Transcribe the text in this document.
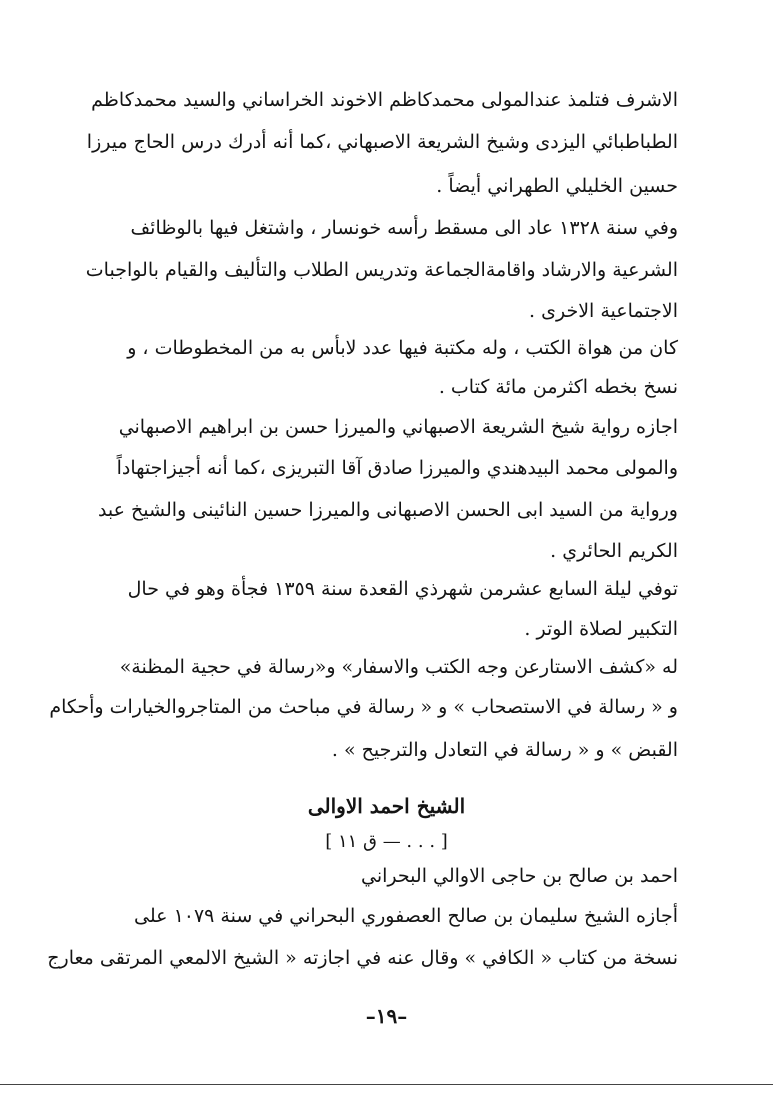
الاشرف فتلمذ عندالمولى محمدكاظم الاخوند الخراساني والسيد محمدكاظم
الطباطبائي اليزدى وشيخ الشريعة الاصبهاني ،كما أنه أدرك درس الحاج ميرزا
حسين الخليلي الطهراني أيضاً .
وفي سنة ١٣٢٨ عاد الى مسقط رأسه خونسار ، واشتغل فيها بالوظائف
الشرعية والارشاد واقامةالجماعة وتدريس الطلاب والتأليف والقيام بالواجبات
الاجتماعية الاخرى .
كان من هواة الكتب ، وله مكتبة فيها عدد لابأس به من المخطوطات ، و
نسخ بخطه اكثرمن مائة كتاب .
اجازه رواية شيخ الشريعة الاصبهاني والميرزا حسن بن ابراهيم الاصبهاني
والمولى محمد البيدهندي والميرزا صادق آقا التبريزى ،كما أنه أجيزاجتهاداً
ورواية من السيد ابى الحسن الاصبهانى والميرزا حسين النائينى والشيخ عبد
الكريم الحائري .
توفي ليلة السابع عشرمن شهرذي القعدة سنة ١٣٥٩ فجأة وهو في حال
التكبير لصلاة الوتر .
له «كشف الاستارعن وجه الكتب والاسفار» و«رسالة في حجية المظنة»
و « رسالة في الاستصحاب » و « رسالة في مباحث من المتاجروالخيارات وأحكام
القبض » و « رسالة في التعادل والترجيح » .
الشيخ احمد الاوالى
[ . . . — ق ١١ ]
احمد بن صالح بن حاجى الاوالي البحراني
أجازه الشيخ سليمان بن صالح العصفوري البحراني في سنة ١٠٧٩ على
نسخة من كتاب « الكافي » وقال عنه في اجازته « الشيخ الالمعي المرتقى معارج
–١٩–
